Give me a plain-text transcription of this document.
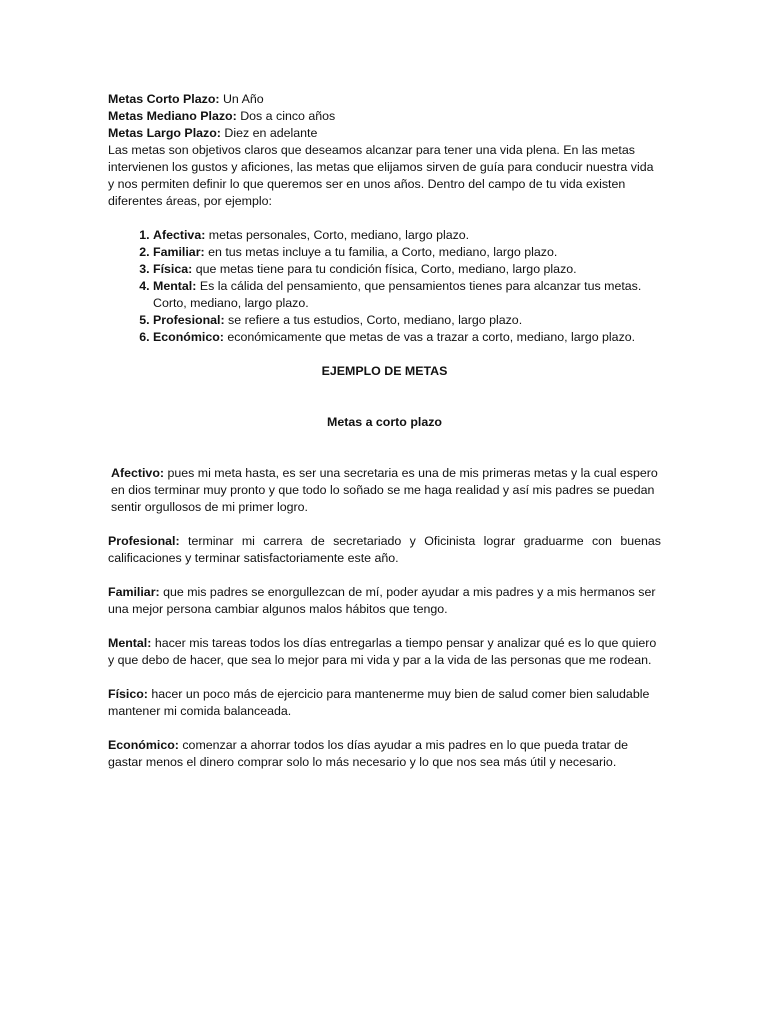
Metas Corto Plazo: Un Año
Metas Mediano Plazo: Dos a cinco años
Metas Largo Plazo: Diez en adelante

Las metas son objetivos claros que deseamos alcanzar para tener una vida plena. En las metas intervienen los gustos y aficiones, las metas que elijamos sirven de guía para conducir nuestra vida y nos permiten definir lo que queremos ser en unos años. Dentro del campo de tu vida existen diferentes áreas, por ejemplo:

1. Afectiva: metas personales, Corto, mediano, largo plazo.
2. Familiar: en tus metas incluye a tu familia, a Corto, mediano, largo plazo.
3. Física: que metas tiene para tu condición física, Corto, mediano, largo plazo.
4. Mental: Es la cálida del pensamiento, que pensamientos tienes para alcanzar tus metas. Corto, mediano, largo plazo.
5. Profesional: se refiere a tus estudios, Corto, mediano, largo plazo.
6. Económico: económicamente que metas de vas a trazar a corto, mediano, largo plazo.

EJEMPLO DE METAS

Metas a corto plazo

Afectivo: pues mi meta hasta, es ser una secretaria es una de mis primeras metas y la cual espero en dios terminar muy pronto y que todo lo soñado se me haga realidad y así mis padres se puedan sentir orgullosos de mi primer logro.

Profesional: terminar mi carrera de secretariado y Oficinista lograr graduarme con buenas calificaciones y terminar satisfactoriamente este año.

Familiar: que mis padres se enorgullezcan de mí, poder ayudar a mis padres y a mis hermanos ser una mejor persona cambiar algunos malos hábitos que tengo.

Mental: hacer mis tareas todos los días entregarlas a tiempo pensar y analizar qué es lo que quiero y que debo de hacer, que sea lo mejor para mi vida y par a la vida de las personas que me rodean.

Físico: hacer un poco más de ejercicio para mantenerme muy bien de salud comer bien saludable mantener mi comida balanceada.

Económico: comenzar a ahorrar todos los días ayudar a mis padres en lo que pueda tratar de gastar menos el dinero comprar solo lo más necesario y lo que nos sea más útil y necesario.
